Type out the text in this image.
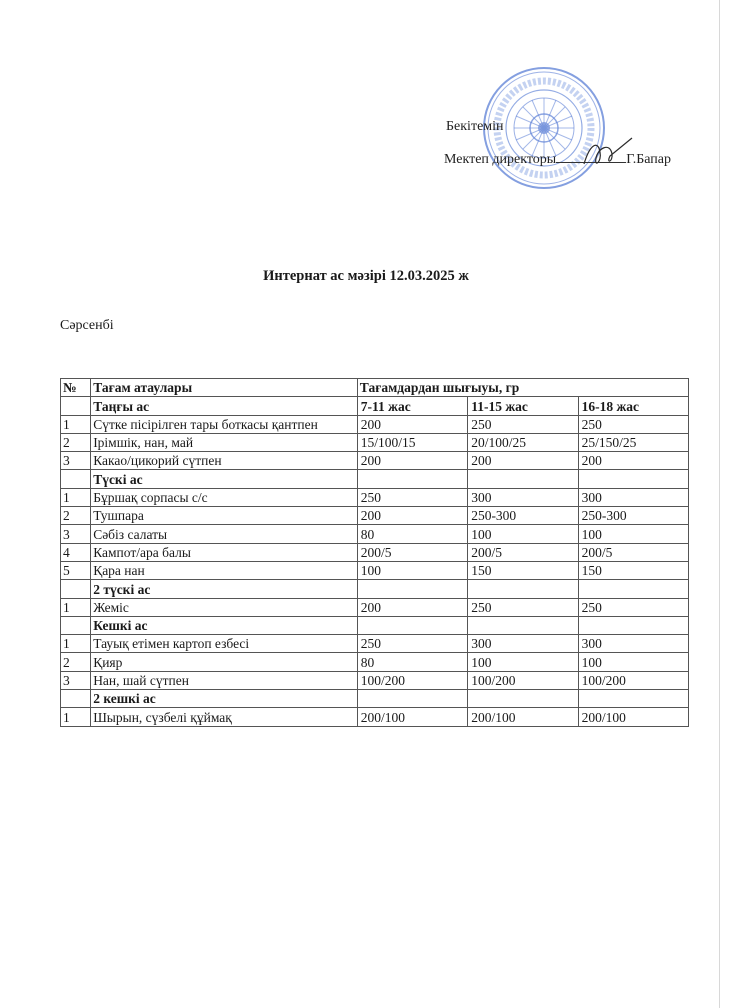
Бекітемін
Мектеп директоры	Г.Бапар
Интернат ас мәзірі 12.03.2025 ж
Сәрсенбі
№	Тағам атаулары	Тағамдардан шығыуы, гр		
	Таңғы ас	7-11 жас	11-15 жас	16-18 жас
1	Сүтке пісірілген тары боткасы қантпен	200	250	250
2	Ірімшік, нан, май	15/100/15	20/100/25	25/150/25
3	Какао/цикорий сүтпен	200	200	200
	Түскі ас			
1	Бұршақ сорпасы с/с	250	300	300
2	Тушпара	200	250-300	250-300
3	Сәбіз салаты	80	100	100
4	Кампот/ара балы	200/5	200/5	200/5
5	Қара нан	100	150	150
	2 түскі ас			
1	Жеміс	200	250	250
	Кешкі ас			
1	Тауық етімен картоп езбесі	250	300	300
2	Қияр	80	100	100
3	Нан, шай сүтпен	100/200	100/200	100/200
	2 кешкі ас			
1	Шырын, сүзбелі құймақ	200/100	200/100	200/100
